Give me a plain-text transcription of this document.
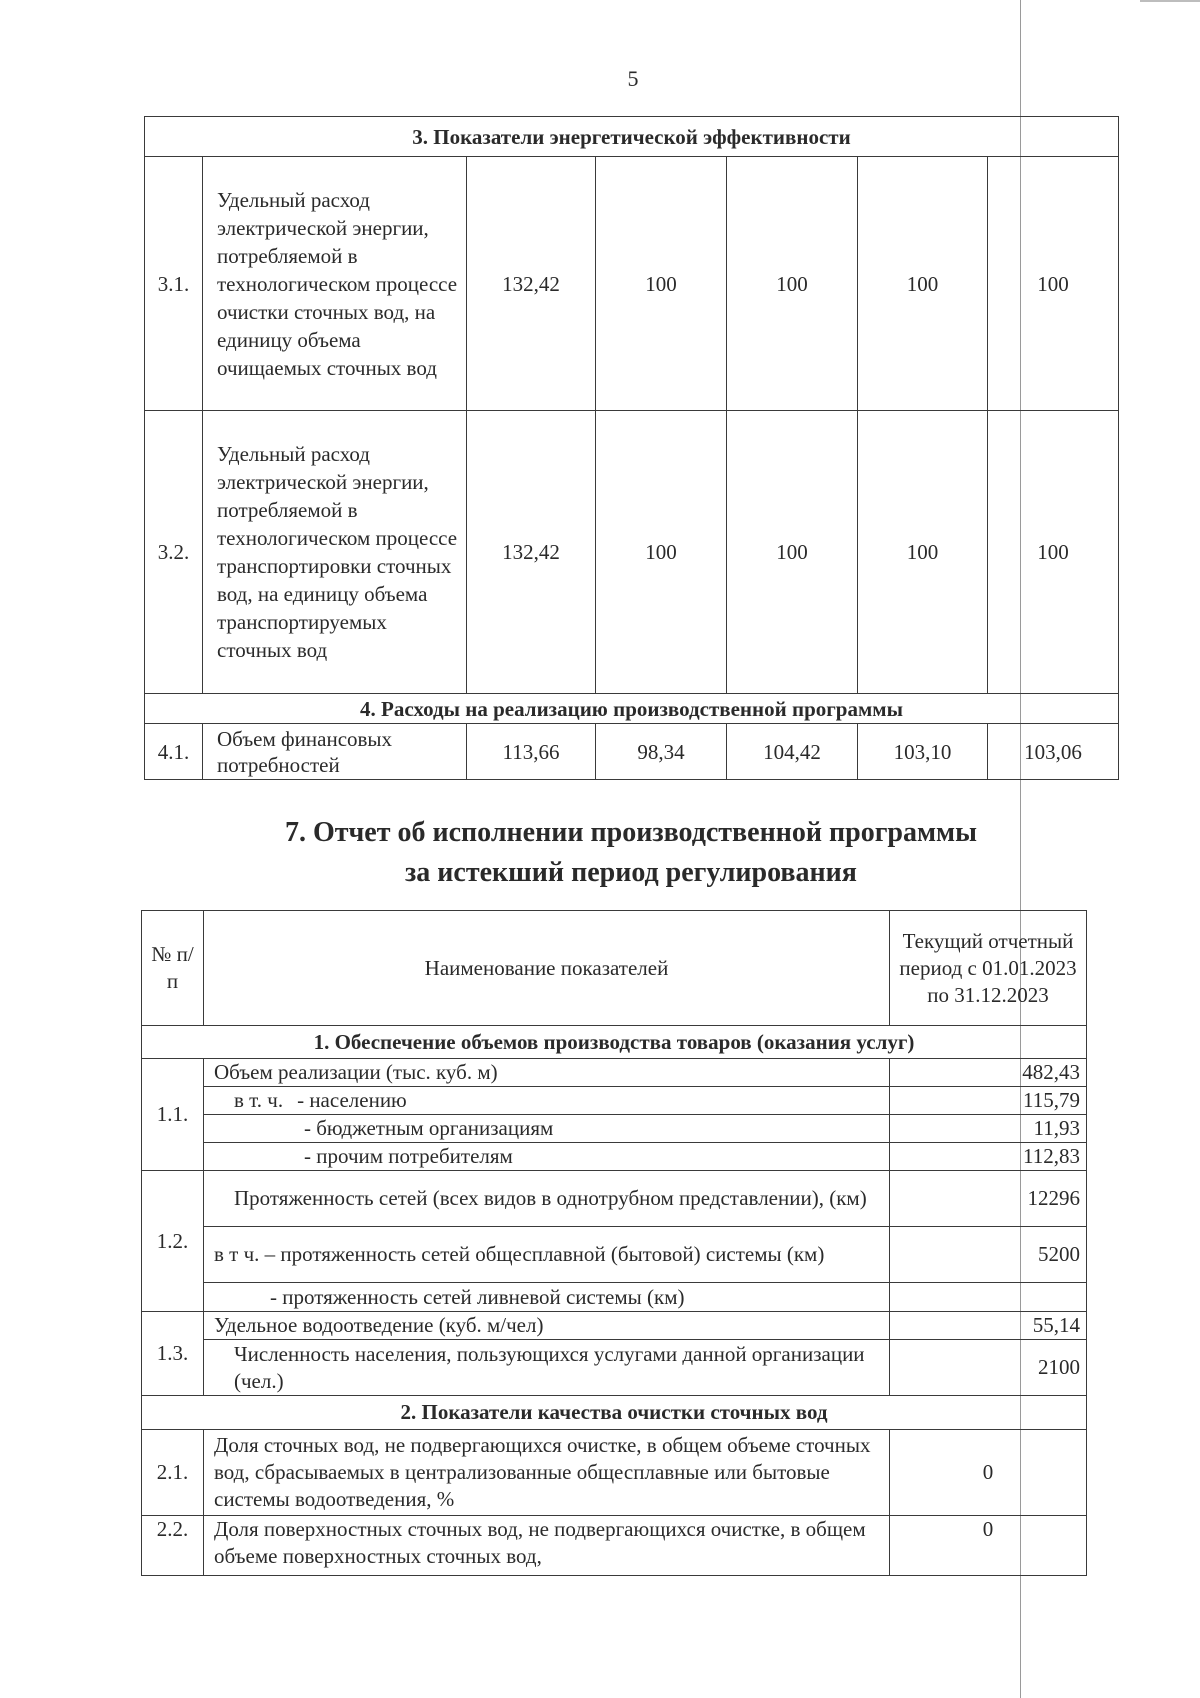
5
3. Показатели энергетической эффективности						
3.1.	Удельный расход электрической энергии, потребляемой в технологическом процессе очистки сточных вод, на единицу объема очищаемых сточных вод	132,42	100	100	100	100
3.2.	Удельный расход электрической энергии, потребляемой в технологическом процессе транспортировки сточных вод, на единицу объема транспортируемых сточных вод	132,42	100	100	100	100
4. Расходы на реализацию производственной программы						
4.1.	Объем финансовых потребностей	113,66	98,34	104,42	103,10	103,06
7. Отчет об исполнении производственной программы
за истекший период регулирования
№ п/п	Наименование показателей	Текущий отчетный период с 01.01.2023 по 31.12.2023
1. Обеспечение объемов производства товаров (оказания услуг)		
1.1.	Объем реализации (тыс. куб. м)	482,43
	в т. ч. - населению	115,79
	- бюджетным организациям	11,93
	- прочим потребителям	112,83
1.2.	Протяженность сетей (всех видов в однотрубном представлении), (км)	12296
	в т ч. – протяженность сетей общесплавной (бытовой) системы (км)	5200
	- протяженность сетей ливневой системы (км)	
1.3.	Удельное водоотведение (куб. м/чел)	55,14
	Численность населения, пользующихся услугами данной организации (чел.)	2100
2. Показатели качества очистки сточных вод		
2.1.	Доля сточных вод, не подвергающихся очистке, в общем объеме сточных вод, сбрасываемых в централизованные общесплавные или бытовые системы водоотведения, %	0
2.2.	Доля поверхностных сточных вод, не подвергающихся очистке, в общем объеме поверхностных сточных вод,	0
